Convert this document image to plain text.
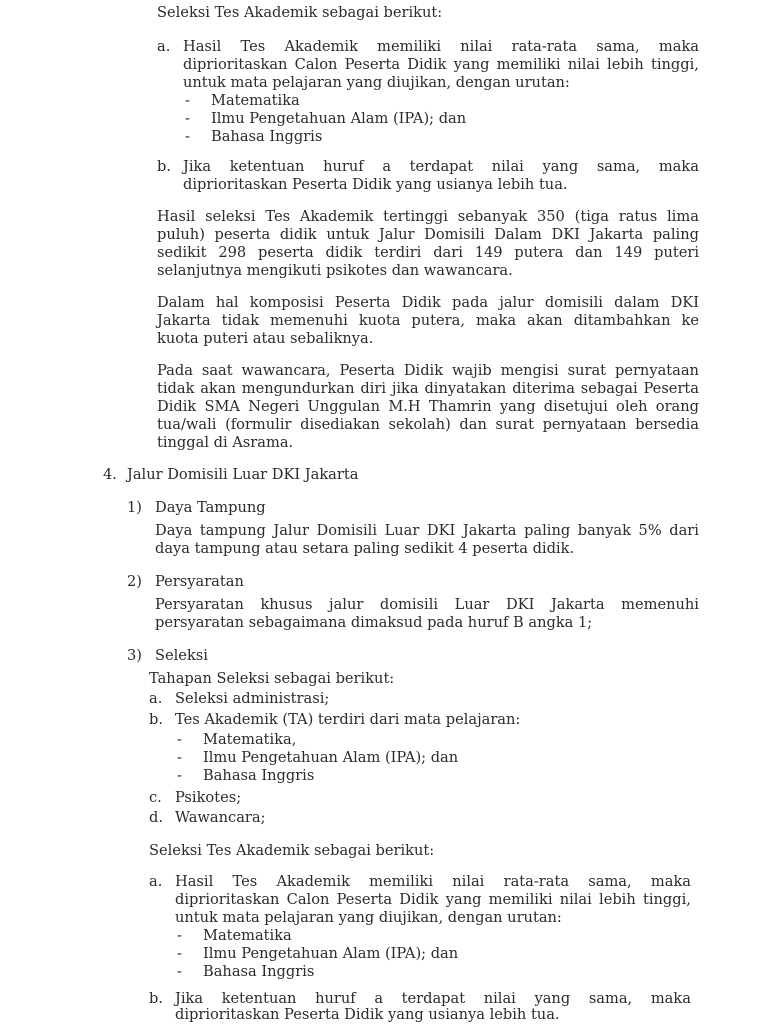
Seleksi Tes Akademik sebagai berikut:
a. Hasil Tes Akademik memiliki nilai rata-rata sama, maka
diprioritaskan Calon Peserta Didik yang memiliki nilai lebih tinggi,
untuk mata pelajaran yang diujikan, dengan urutan:
- Matematika
- Ilmu Pengetahuan Alam (IPA); dan
- Bahasa Inggris
b. Jika ketentuan huruf a terdapat nilai yang sama, maka
diprioritaskan Peserta Didik yang usianya lebih tua.
Hasil seleksi Tes Akademik tertinggi sebanyak 350 (tiga ratus lima
puluh) peserta didik untuk Jalur Domisili Dalam DKI Jakarta paling
sedikit 298 peserta didik terdiri dari 149 putera dan 149 puteri
selanjutnya mengikuti psikotes dan wawancara.
Dalam hal komposisi Peserta Didik pada jalur domisili dalam DKI
Jakarta tidak memenuhi kuota putera, maka akan ditambahkan ke
kuota puteri atau sebaliknya.
Pada saat wawancara, Peserta Didik wajib mengisi surat pernyataan
tidak akan mengundurkan diri jika dinyatakan diterima sebagai Peserta
Didik SMA Negeri Unggulan M.H Thamrin yang disetujui oleh orang
tua/wali (formulir disediakan sekolah) dan surat pernyataan bersedia
tinggal di Asrama.
4. Jalur Domisili Luar DKI Jakarta
1) Daya Tampung
Daya tampung Jalur Domisili Luar DKI Jakarta paling banyak 5% dari
daya tampung atau setara paling sedikit 4 peserta didik.
2) Persyaratan
Persyaratan khusus jalur domisili Luar DKI Jakarta memenuhi
persyaratan sebagaimana dimaksud pada huruf B angka 1;
3) Seleksi
Tahapan Seleksi sebagai berikut:
a. Seleksi administrasi;
b. Tes Akademik (TA) terdiri dari mata pelajaran:
- Matematika,
- Ilmu Pengetahuan Alam (IPA); dan
- Bahasa Inggris
c. Psikotes;
d. Wawancara;
Seleksi Tes Akademik sebagai berikut:
a. Hasil Tes Akademik memiliki nilai rata-rata sama, maka
diprioritaskan Calon Peserta Didik yang memiliki nilai lebih tinggi,
untuk mata pelajaran yang diujikan, dengan urutan:
- Matematika
- Ilmu Pengetahuan Alam (IPA); dan
- Bahasa Inggris
b. Jika ketentuan huruf a terdapat nilai yang sama, maka
diprioritaskan Peserta Didik yang usianya lebih tua.
